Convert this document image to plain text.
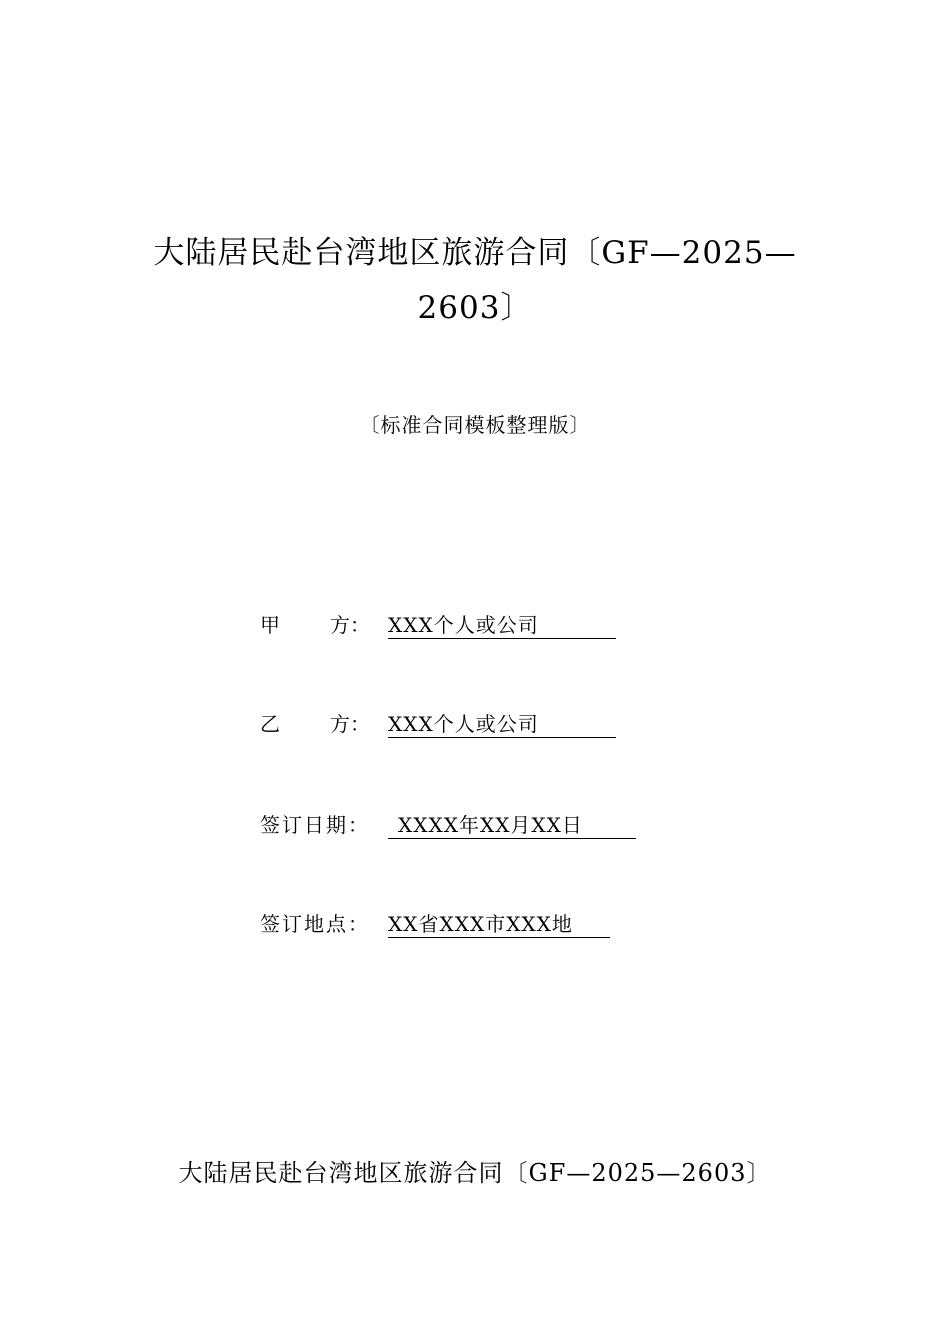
大陆居民赴台湾地区旅游合同〔GF—2025—
2603〕
〔标准合同模板整理版〕
甲	方： XXX个人或公司
乙	方： XXX个人或公司
签订日期：	XXXX年XX月XX日
签订地点： XX省XXX市XXX地
大陆居民赴台湾地区旅游合同〔GF—2025—2603〕
